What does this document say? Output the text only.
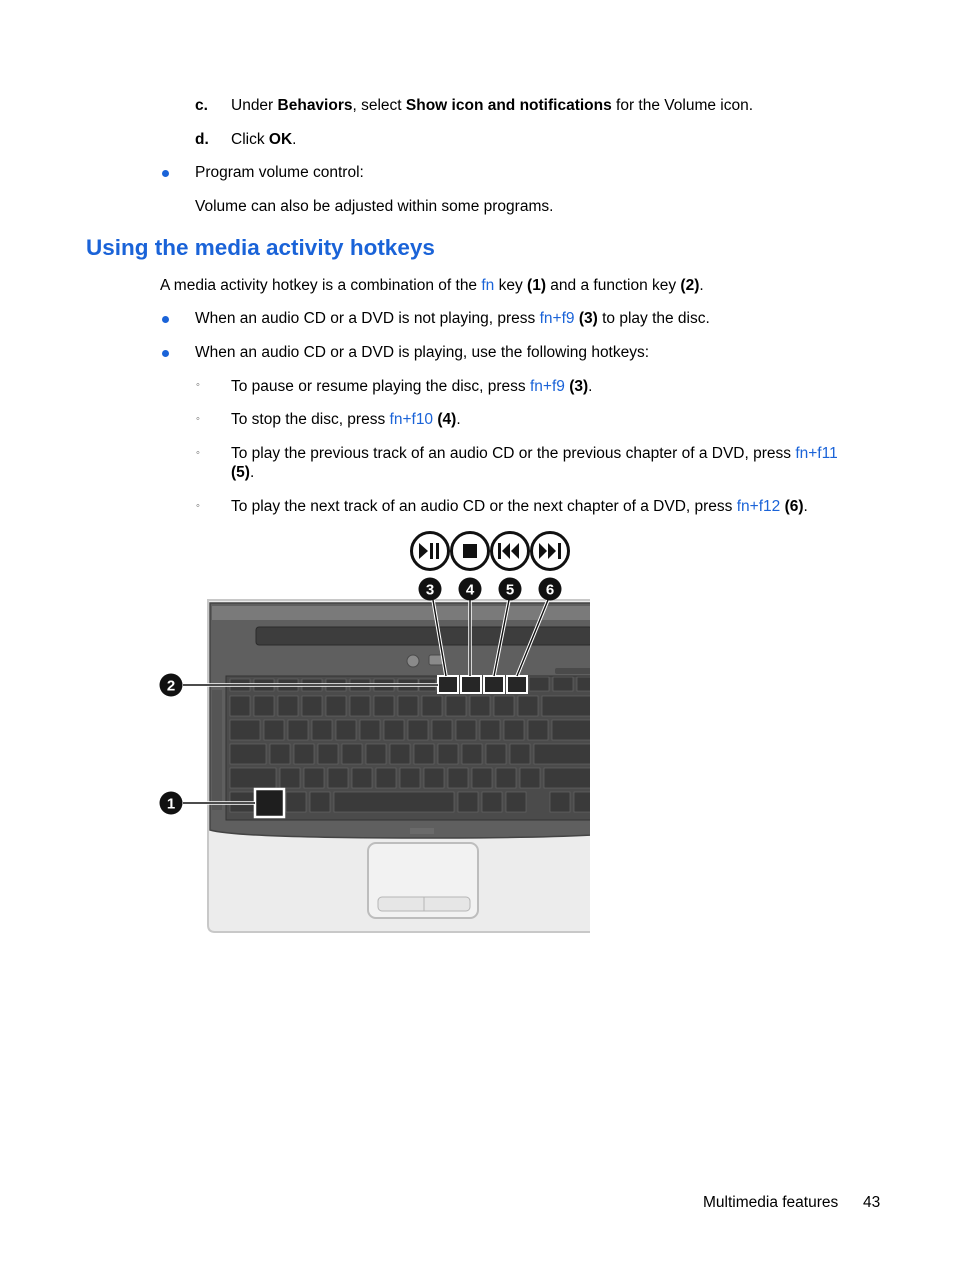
c. Under Behaviors, select Show icon and notifications for the Volume icon.
d. Click OK.
Program volume control:
Volume can also be adjusted within some programs.
Using the media activity hotkeys
A media activity hotkey is a combination of the fn key (1) and a function key (2).
When an audio CD or a DVD is not playing, press fn+f9 (3) to play the disc.
When an audio CD or a DVD is playing, use the following hotkeys:
◦ To pause or resume playing the disc, press fn+f9 (3).
◦ To stop the disc, press fn+f10 (4).
◦ To play the previous track of an audio CD or the previous chapter of a DVD, press fn+f11
(5).
◦ To play the next track of an audio CD or the next chapter of a DVD, press fn+f12 (6).
1
2
3 4 5 6
Multimedia features 43
